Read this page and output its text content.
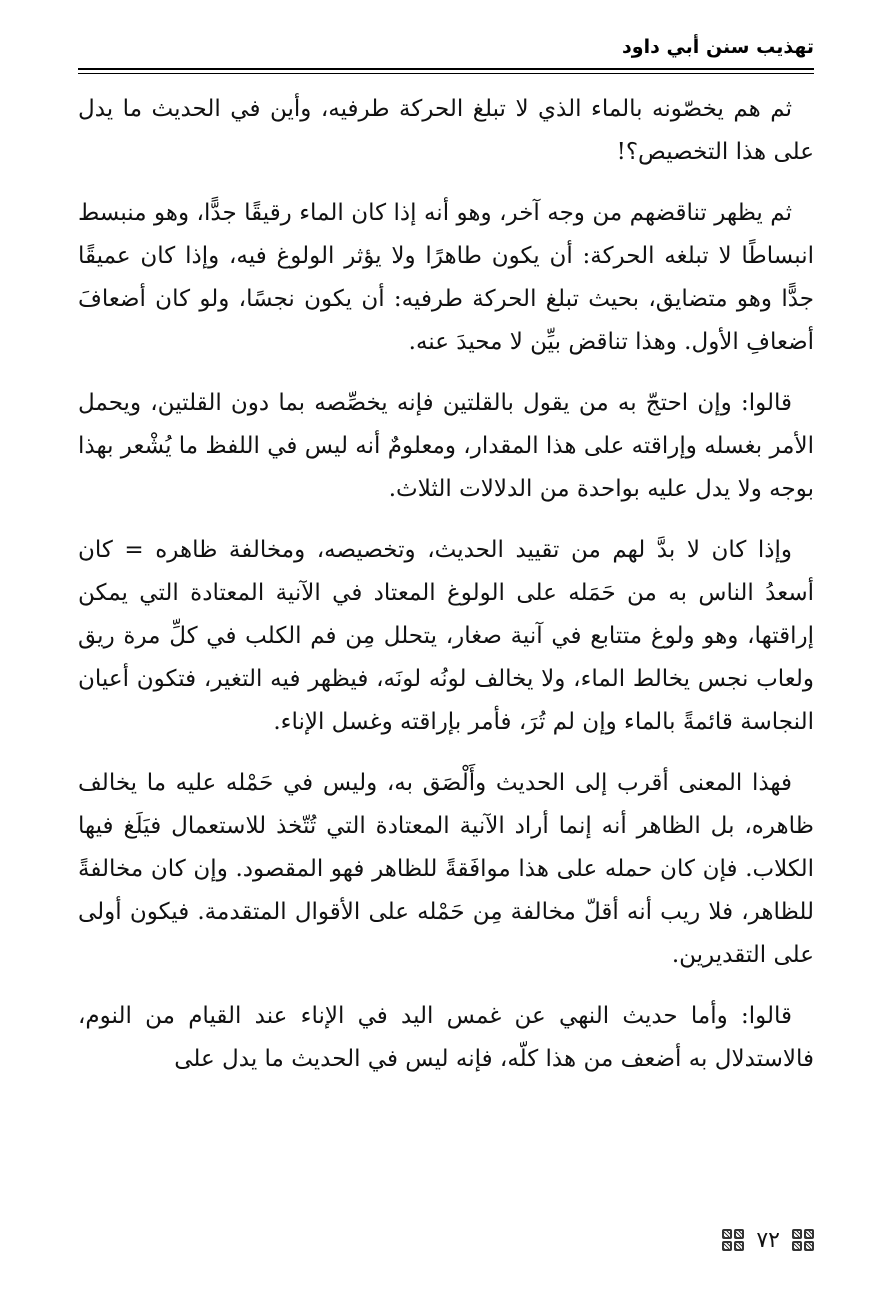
تهذيب سنن أبي داود

ثم هم يخصّونه بالماء الذي لا تبلغ الحركة طرفيه، وأين في الحديث ما يدل على هذا التخصيص؟!

ثم يظهر تناقضهم من وجه آخر، وهو أنه إذا كان الماء رقيقًا جدًّا، وهو منبسط انبساطًا لا تبلغه الحركة: أن يكون طاهرًا ولا يؤثر الولوغ فيه، وإذا كان عميقًا جدًّا وهو متضايق، بحيث تبلغ الحركة طرفيه: أن يكون نجسًا، ولو كان أضعافَ أضعافِ الأول. وهذا تناقض بيِّن لا محيدَ عنه.

قالوا: وإن احتجّ به من يقول بالقلتين فإنه يخصِّصه بما دون القلتين، ويحمل الأمر بغسله وإراقته على هذا المقدار، ومعلومٌ أنه ليس في اللفظ ما يُشْعر بهذا بوجه ولا يدل عليه بواحدة من الدلالات الثلاث.

وإذا كان لا بدَّ لهم من تقييد الحديث، وتخصيصه، ومخالفة ظاهره = كان أسعدُ الناس به من حَمَله على الولوغ المعتاد في الآنية المعتادة التي يمكن إراقتها، وهو ولوغ متتابع في آنية صغار، يتحلل مِن فم الكلب في كلِّ مرة ريق ولعاب نجس يخالط الماء، ولا يخالف لونُه لونَه، فيظهر فيه التغير، فتكون أعيان النجاسة قائمةً بالماء وإن لم تُرَ، فأمر بإراقته وغسل الإناء.

فهذا المعنى أقرب إلى الحديث وأَلْصَق به، وليس في حَمْله عليه ما يخالف ظاهره، بل الظاهر أنه إنما أراد الآنية المعتادة التي تُتّخذ للاستعمال فيَلَغ فيها الكلاب. فإن كان حمله على هذا موافَقةً للظاهر فهو المقصود. وإن كان مخالفةً للظاهر، فلا ريب أنه أقلّ مخالفة مِن حَمْله على الأقوال المتقدمة. فيكون أولى على التقديرين.

قالوا: وأما حديث النهي عن غمس اليد في الإناء عند القيام من النوم، فالاستدلال به أضعف من هذا كلّه، فإنه ليس في الحديث ما يدل على

٧٢
